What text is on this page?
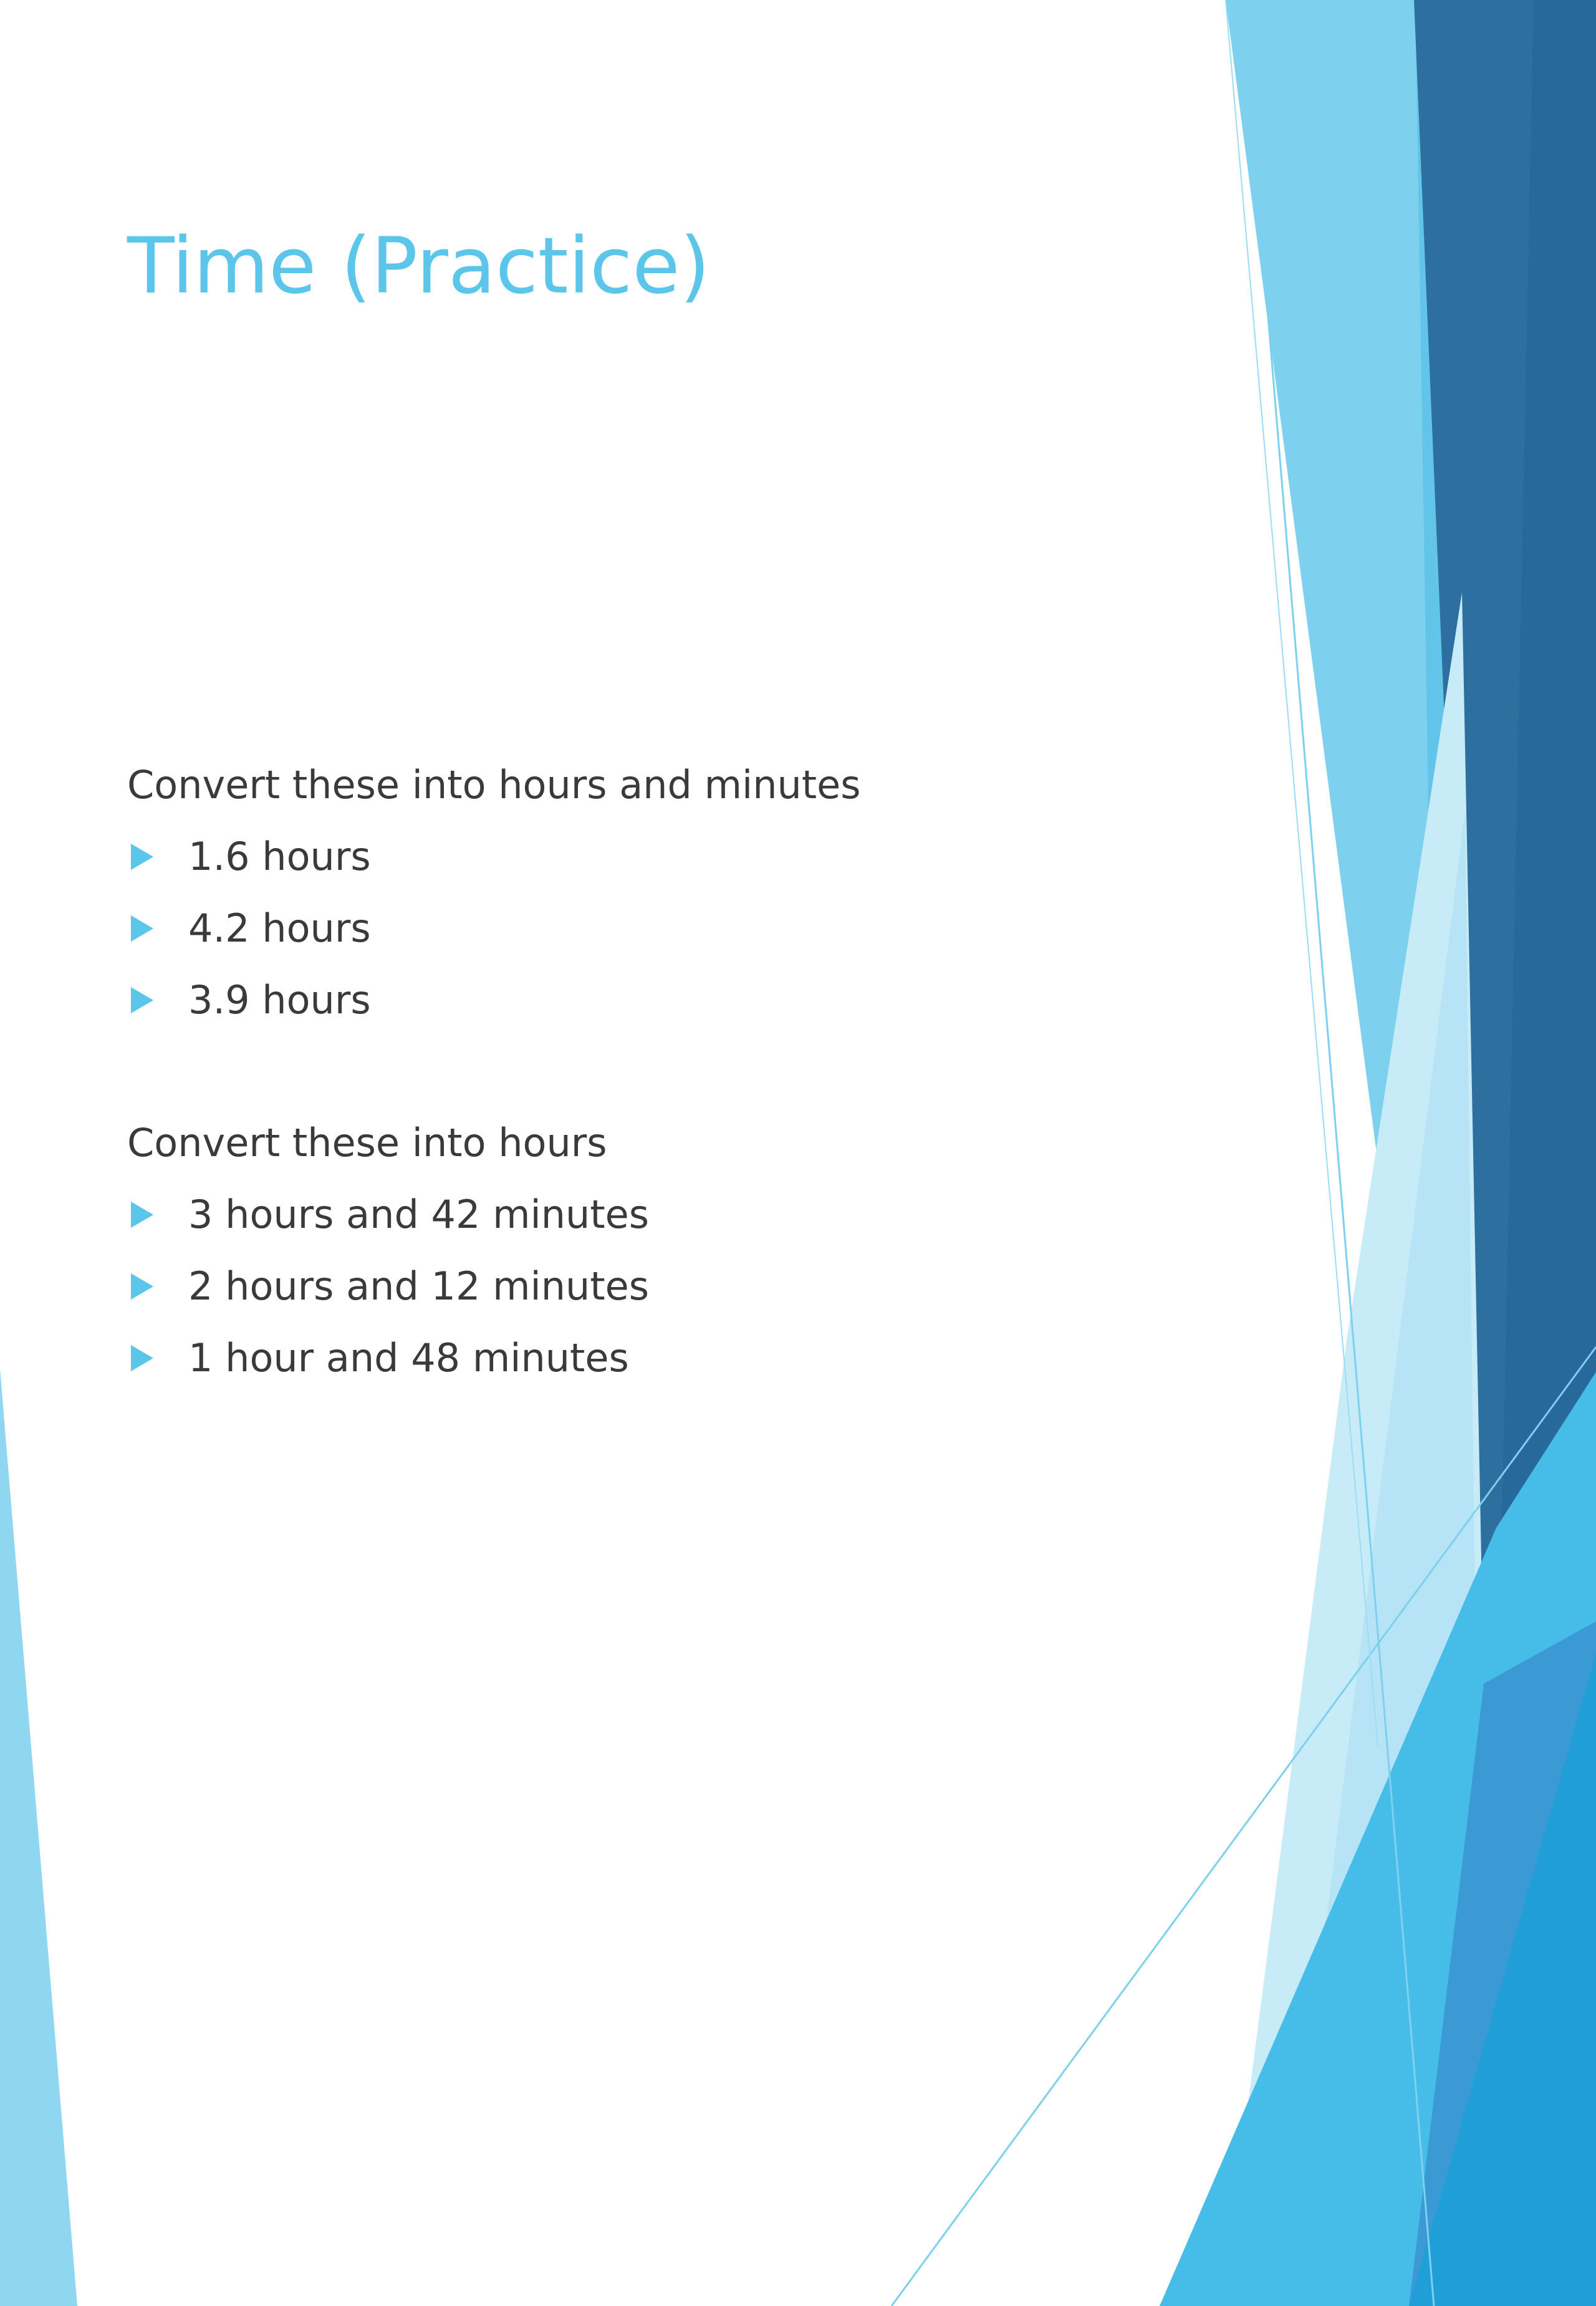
Time (Practice)
Convert these into hours and minutes
1.6 hours
4.2 hours
3.9 hours
Convert these into hours
3 hours and 42 minutes
2 hours and 12 minutes
1 hour and 48 minutes
